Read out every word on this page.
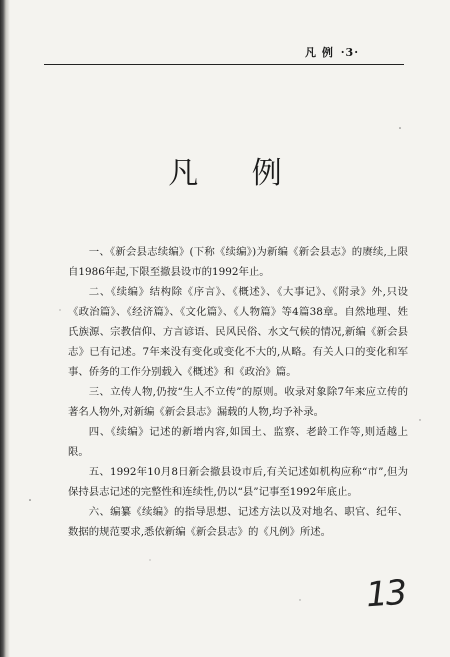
凡 例 ·3·
凡 例

一、《新会县志续编》(下称《续编》)为新编《新会县志》的赓续,上限自1986年起,下限至撤县设市的1992年止。

二、《续编》结构除《序言》、《概述》、《大事记》、《附录》外,只设《政治篇》、《经济篇》、《文化篇》、《人物篇》等4篇38章。自然地理、姓氏族源、宗教信仰、方言谚语、民风民俗、水文气候的情况,新编《新会县志》已有记述。7年来没有变化或变化不大的,从略。有关人口的变化和军事、侨务的工作分别载入《概述》和《政治》篇。

三、立传人物,仍按“生人不立传”的原则。收录对象除7年来应立传的著名人物外,对新编《新会县志》漏载的人物,均予补录。

四、《续编》记述的新增内容,如国土、监察、老龄工作等,则适越上限。

五、1992年10月8日新会撤县设市后,有关记述如机构应称“市”,但为保持县志记述的完整性和连续性,仍以“县”记事至1992年底止。

六、编纂《续编》的指导思想、记述方法以及对地名、职官、纪年、数据的规范要求,悉依新编《新会县志》的《凡例》所述。

13
